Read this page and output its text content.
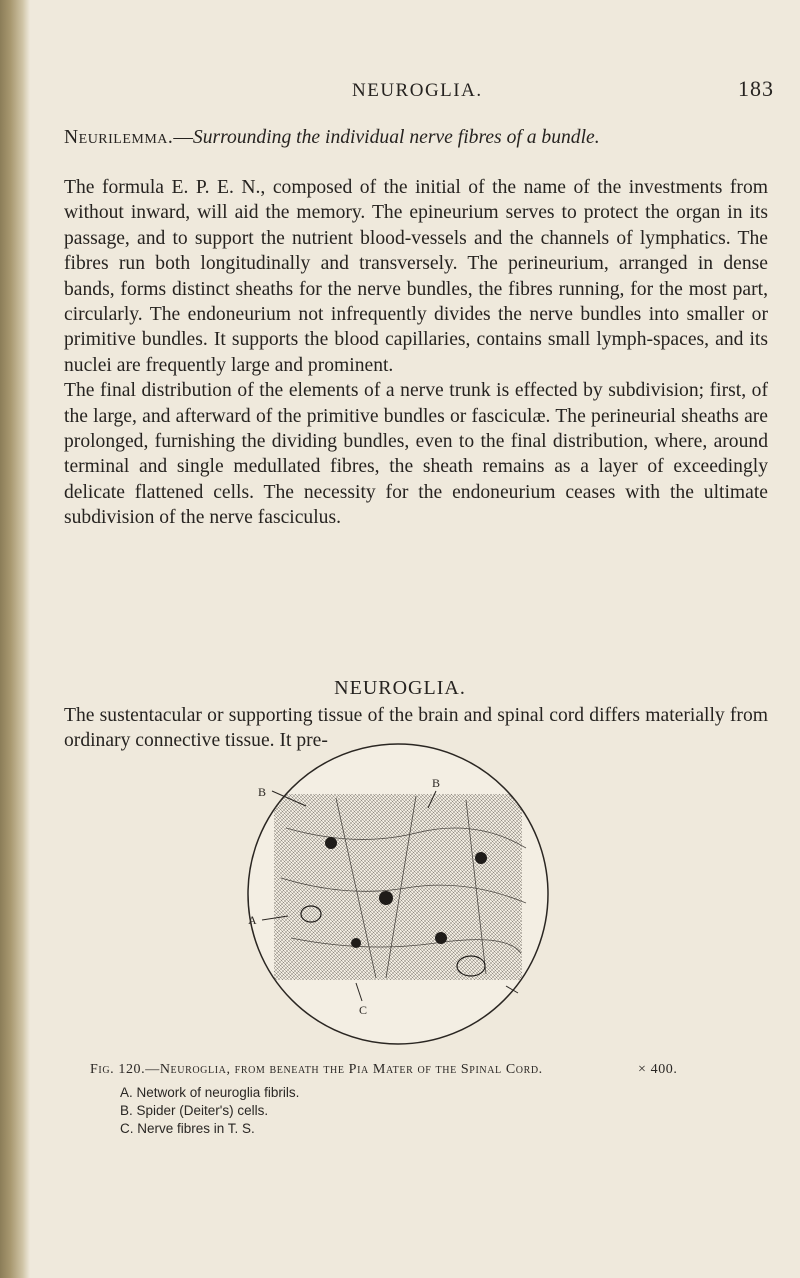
NEUROGLIA.	183
Neurilemma.—Surrounding the individual nerve fibres of a bundle.
The formula E. P. E. N., composed of the initial of the name of the investments from without inward, will aid the memory. The epineurium serves to protect the organ in its passage, and to support the nutrient blood-vessels and the channels of lymphatics. The fibres run both longitudinally and transversely. The perineurium, arranged in dense bands, forms distinct sheaths for the nerve bundles, the fibres running, for the most part, circularly. The endoneurium not infrequently divides the nerve bundles into smaller or primitive bundles. It supports the blood capillaries, contains small lymph-spaces, and its nuclei are frequently large and prominent.
The final distribution of the elements of a nerve trunk is effected by subdivision; first, of the large, and afterward of the primitive bundles or fasciculæ. The perineurial sheaths are prolonged, furnishing the dividing bundles, even to the final distribution, where, around terminal and single medullated fibres, the sheath remains as a layer of exceedingly delicate flattened cells. The necessity for the endoneurium ceases with the ultimate subdivision of the nerve fasciculus.
NEUROGLIA.
The sustentacular or supporting tissue of the brain and spinal cord differs materially from ordinary connective tissue. It pre-
B
B
A
C
Fig. 120.—Neuroglia, from beneath the Pia Mater of the Spinal Cord.	× 400.
A. Network of neuroglia fibrils.
B. Spider (Deiter's) cells.
C. Nerve fibres in T. S.
